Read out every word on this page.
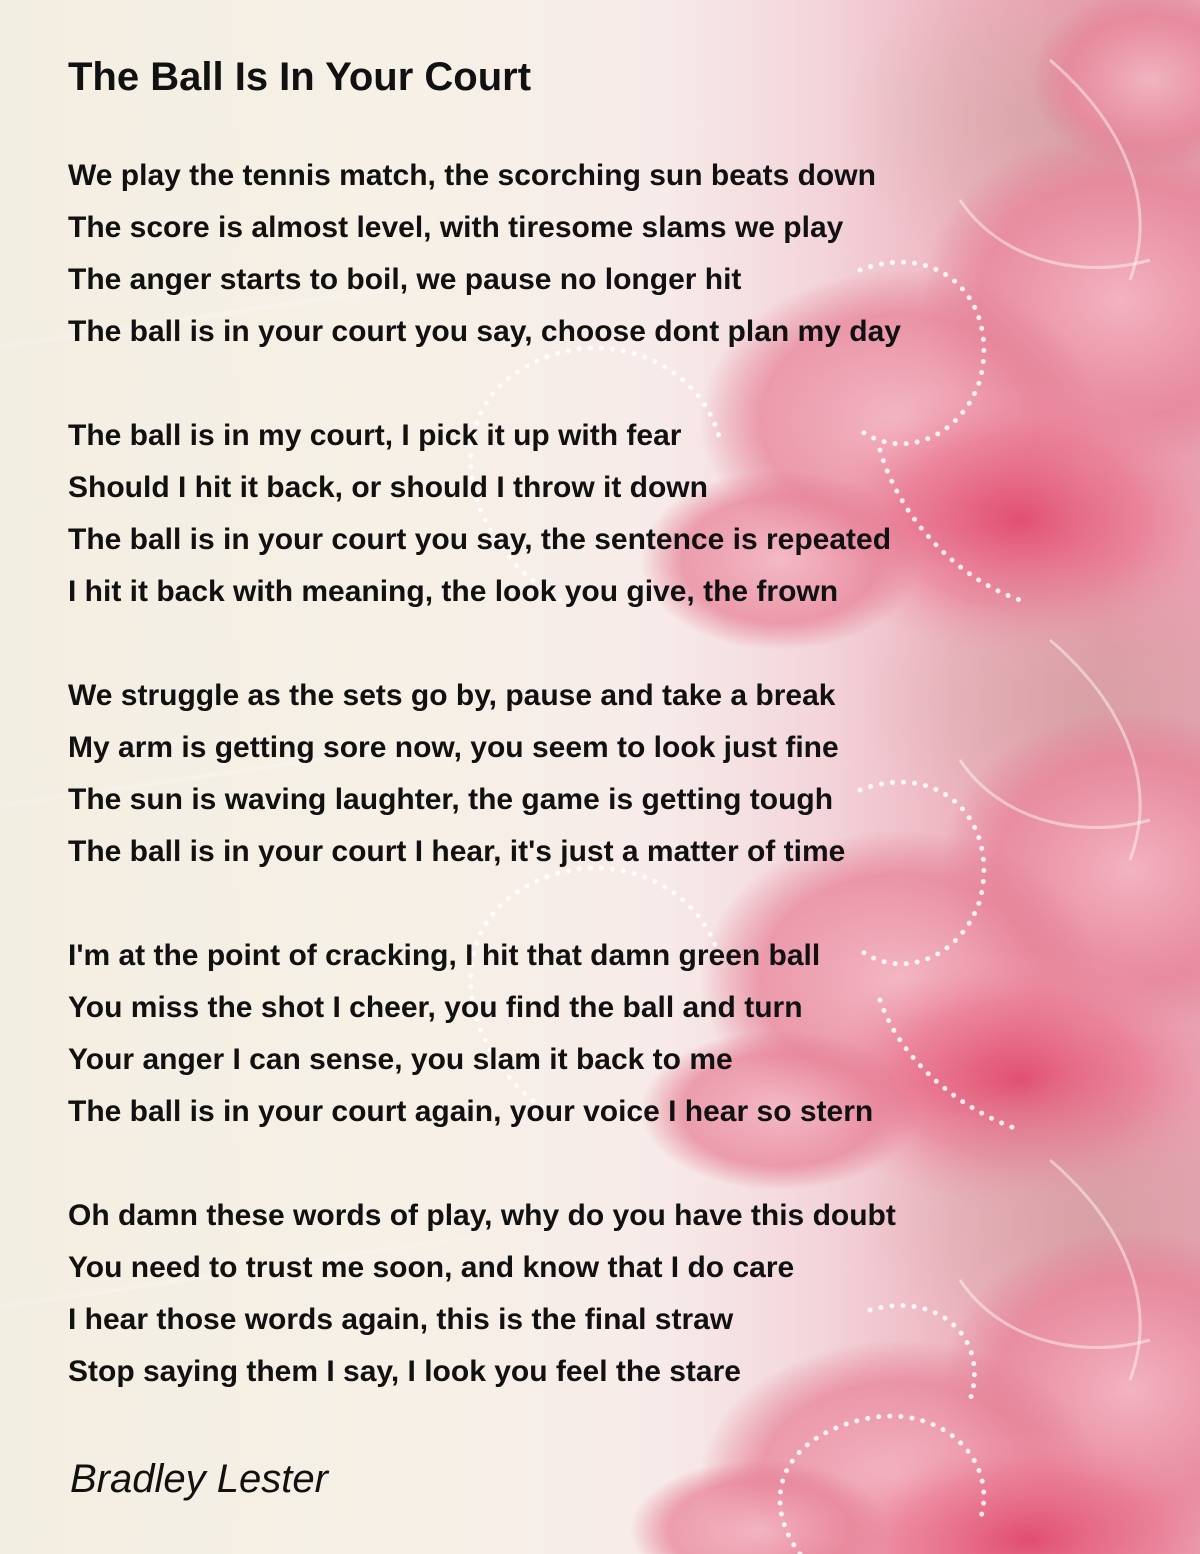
The Ball Is In Your Court
We play the tennis match, the scorching sun beats down
The score is almost level, with tiresome slams we play
The anger starts to boil, we pause no longer hit
The ball is in your court you say, choose dont plan my day
The ball is in my court, I pick it up with fear
Should I hit it back, or should I throw it down
The ball is in your court you say, the sentence is repeated
I hit it back with meaning, the look you give, the frown
We struggle as the sets go by, pause and take a break
My arm is getting sore now, you seem to look just fine
The sun is waving laughter, the game is getting tough
The ball is in your court I hear, it's just a matter of time
I'm at the point of cracking, I hit that damn green ball
You miss the shot I cheer, you find the ball and turn
Your anger I can sense, you slam it back to me
The ball is in your court again, your voice I hear so stern
Oh damn these words of play, why do you have this doubt
You need to trust me soon, and know that I do care
I hear those words again, this is the final straw
Stop saying them I say, I look you feel the stare
Bradley Lester
